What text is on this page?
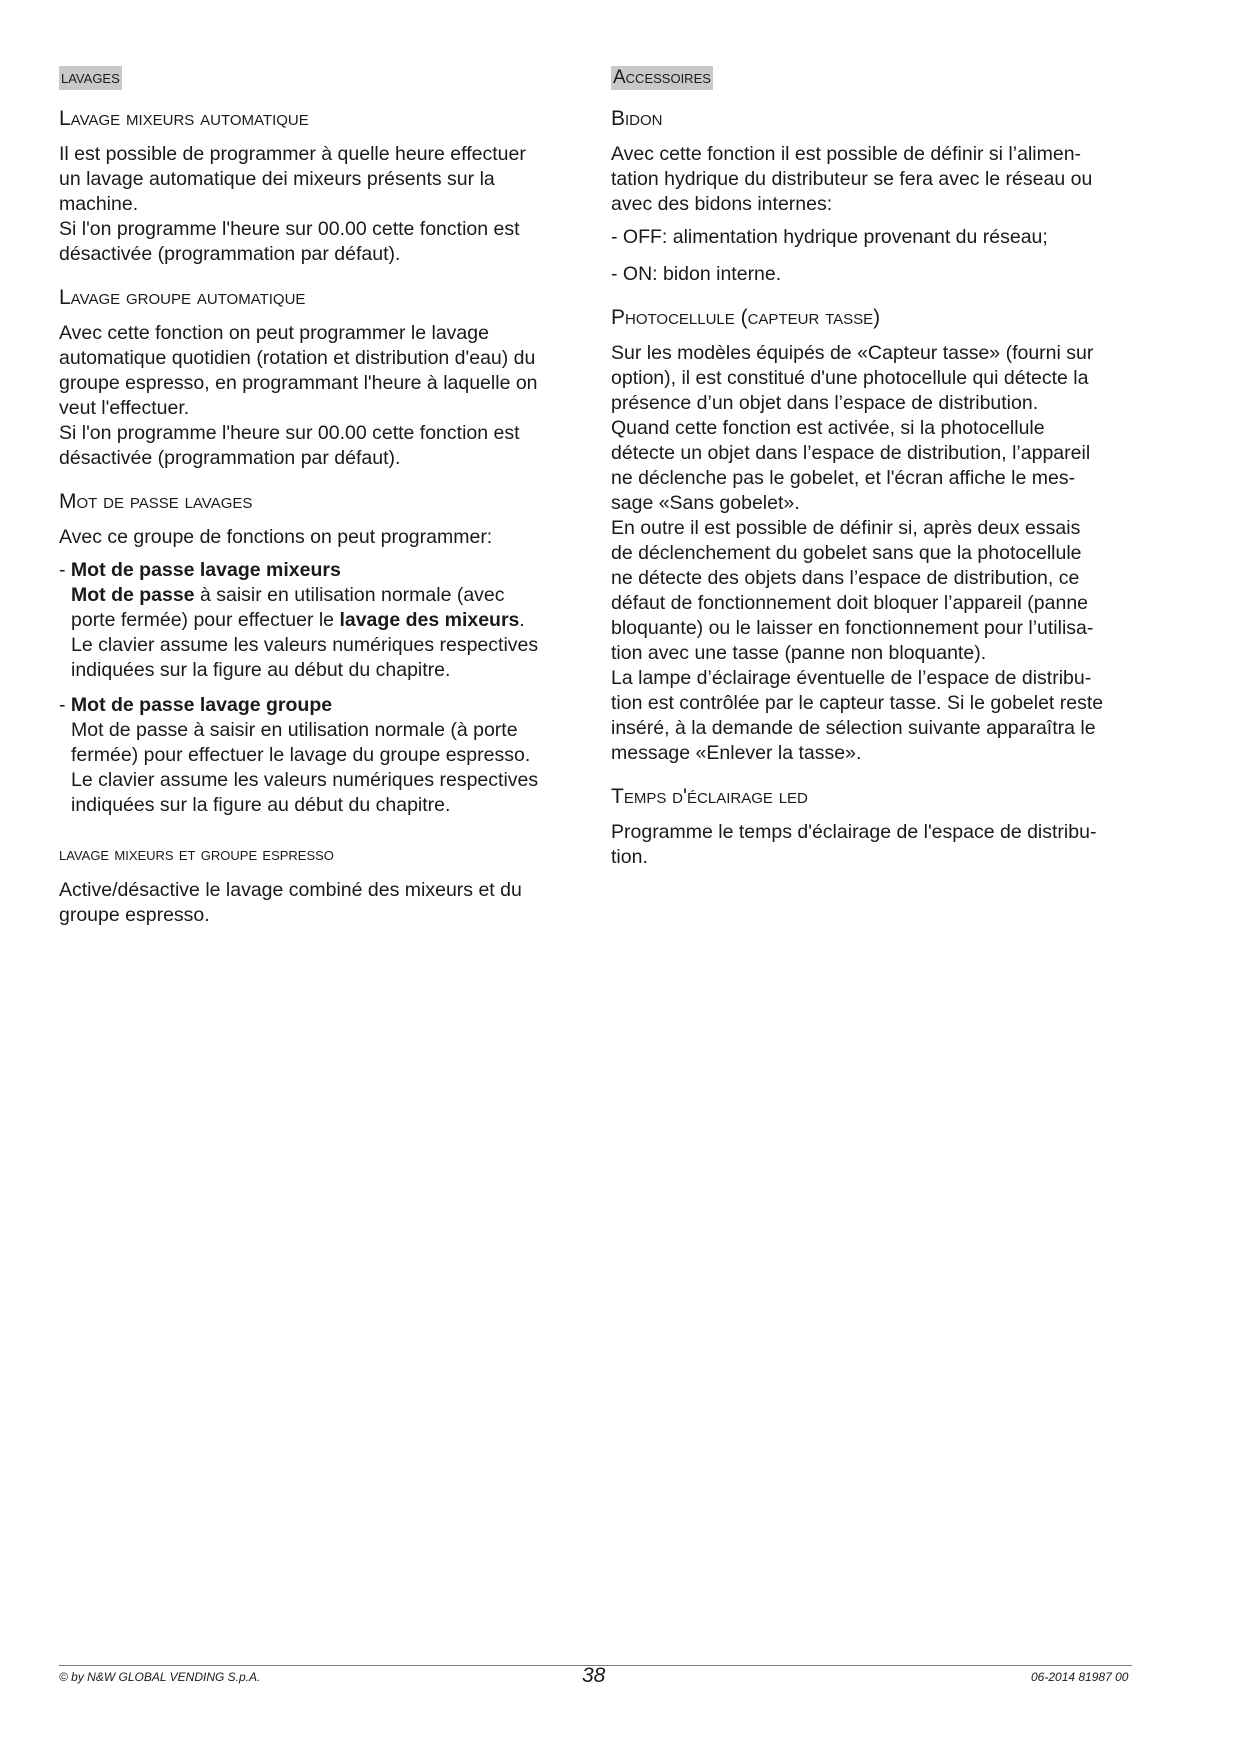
lavages
Lavage mixeurs automatique

Il est possible de programmer à quelle heure effectuer
un lavage automatique dei mixeurs présents sur la
machine.
Si l'on programme l'heure sur 00.00 cette fonction est
désactivée (programmation par défaut).

Lavage groupe automatique

Avec cette fonction on peut programmer le lavage
automatique quotidien (rotation et distribution d'eau) du
groupe espresso, en programmant l'heure à laquelle on
veut l'effectuer.
Si l'on programme l'heure sur 00.00 cette fonction est
désactivée (programmation par défaut).

Mot de passe lavages

Avec ce groupe de fonctions on peut programmer:

- Mot de passe lavage mixeurs

Mot de passe à saisir en utilisation normale (avec
porte fermée) pour effectuer le lavage des mixeurs.
Le clavier assume les valeurs numériques respectives
indiquées sur la figure au début du chapitre.
- Mot de passe lavage groupe

Mot de passe à saisir en utilisation normale (à porte
fermée) pour effectuer le lavage du groupe espresso.
Le clavier assume les valeurs numériques respectives
indiquées sur la figure au début du chapitre.
lavage mixeurs et groupe espresso

Active/désactive le lavage combiné des mixeurs et du
groupe espresso.

Accessoires
Bidon

Avec cette fonction il est possible de définir si l’alimen-
tation hydrique du distributeur se fera avec le réseau ou
avec des bidons internes:

- OFF: alimentation hydrique provenant du réseau;

- ON: bidon interne.

Photocellule (capteur tasse)

Sur les modèles équipés de «Capteur tasse» (fourni sur
option), il est constitué d'une photocellule qui détecte la
présence d’un objet dans l’espace de distribution.
Quand cette fonction est activée, si la photocellule
détecte un objet dans l’espace de distribution, l’appareil
ne déclenche pas le gobelet, et l'écran affiche le mes-
sage «Sans gobelet».
En outre il est possible de définir si, après deux essais
de déclenchement du gobelet sans que la photocellule
ne détecte des objets dans l’espace de distribution, ce
défaut de fonctionnement doit bloquer l’appareil (panne
bloquante) ou le laisser en fonctionnement pour l’utilisa-
tion avec une tasse (panne non bloquante).
La lampe d’éclairage éventuelle de l’espace de distribu-
tion est contrôlée par le capteur tasse. Si le gobelet reste
inséré, à la demande de sélection suivante apparaîtra le
message «Enlever la tasse».

Temps d'éclairage led

Programme le temps d'éclairage de l'espace de distribu-
tion.

© by N&W GLOBAL VENDING S.p.A.	38	06-2014 81987 00
